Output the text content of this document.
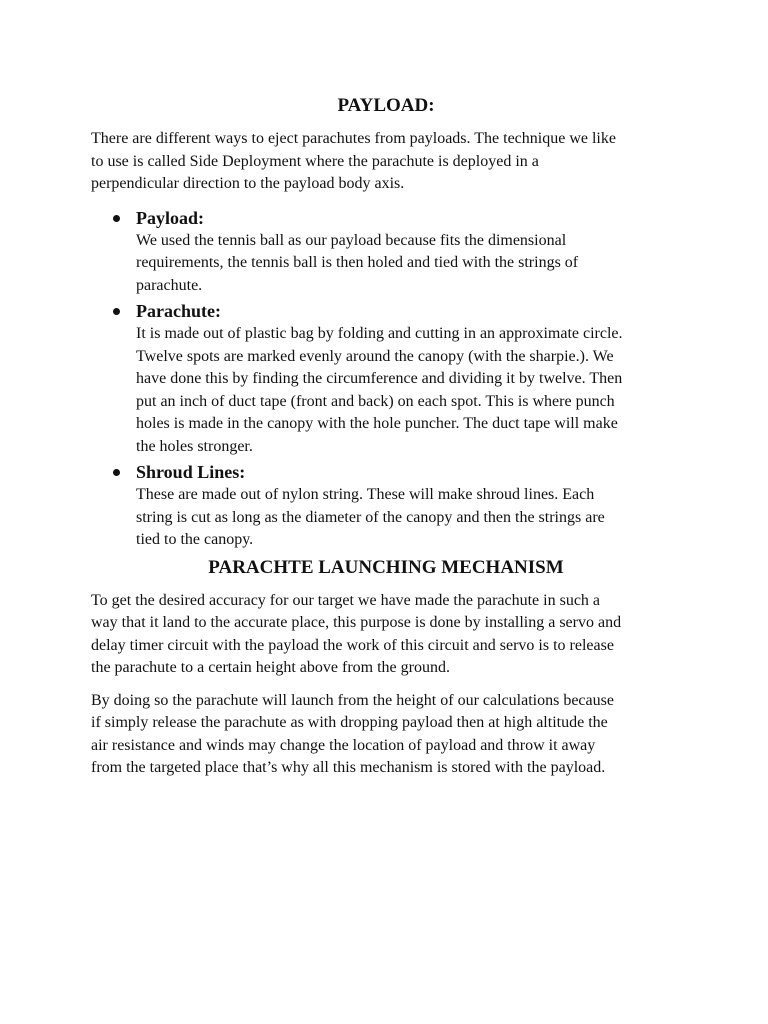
PAYLOAD:

There are different ways to eject parachutes from payloads. The technique we like
to use is called Side Deployment where the parachute is deployed in a
perpendicular direction to the payload body axis.

Payload:

We used the tennis ball as our payload because fits the dimensional
requirements, the tennis ball is then holed and tied with the strings of
parachute.

Parachute:

It is made out of plastic bag by folding and cutting in an approximate circle.
Twelve spots are marked evenly around the canopy (with the sharpie.). We
have done this by finding the circumference and dividing it by twelve. Then
put an inch of duct tape (front and back) on each spot. This is where punch
holes is made in the canopy with the hole puncher. The duct tape will make
the holes stronger.

Shroud Lines:

These are made out of nylon string. These will make shroud lines. Each
string is cut as long as the diameter of the canopy and then the strings are
tied to the canopy.

PARACHTE LAUNCHING MECHANISM

To get the desired accuracy for our target we have made the parachute in such a
way that it land to the accurate place, this purpose is done by installing a servo and
delay timer circuit with the payload the work of this circuit and servo is to release
the parachute to a certain height above from the ground.

By doing so the parachute will launch from the height of our calculations because
if simply release the parachute as with dropping payload then at high altitude the
air resistance and winds may change the location of payload and throw it away
from the targeted place that’s why all this mechanism is stored with the payload.
